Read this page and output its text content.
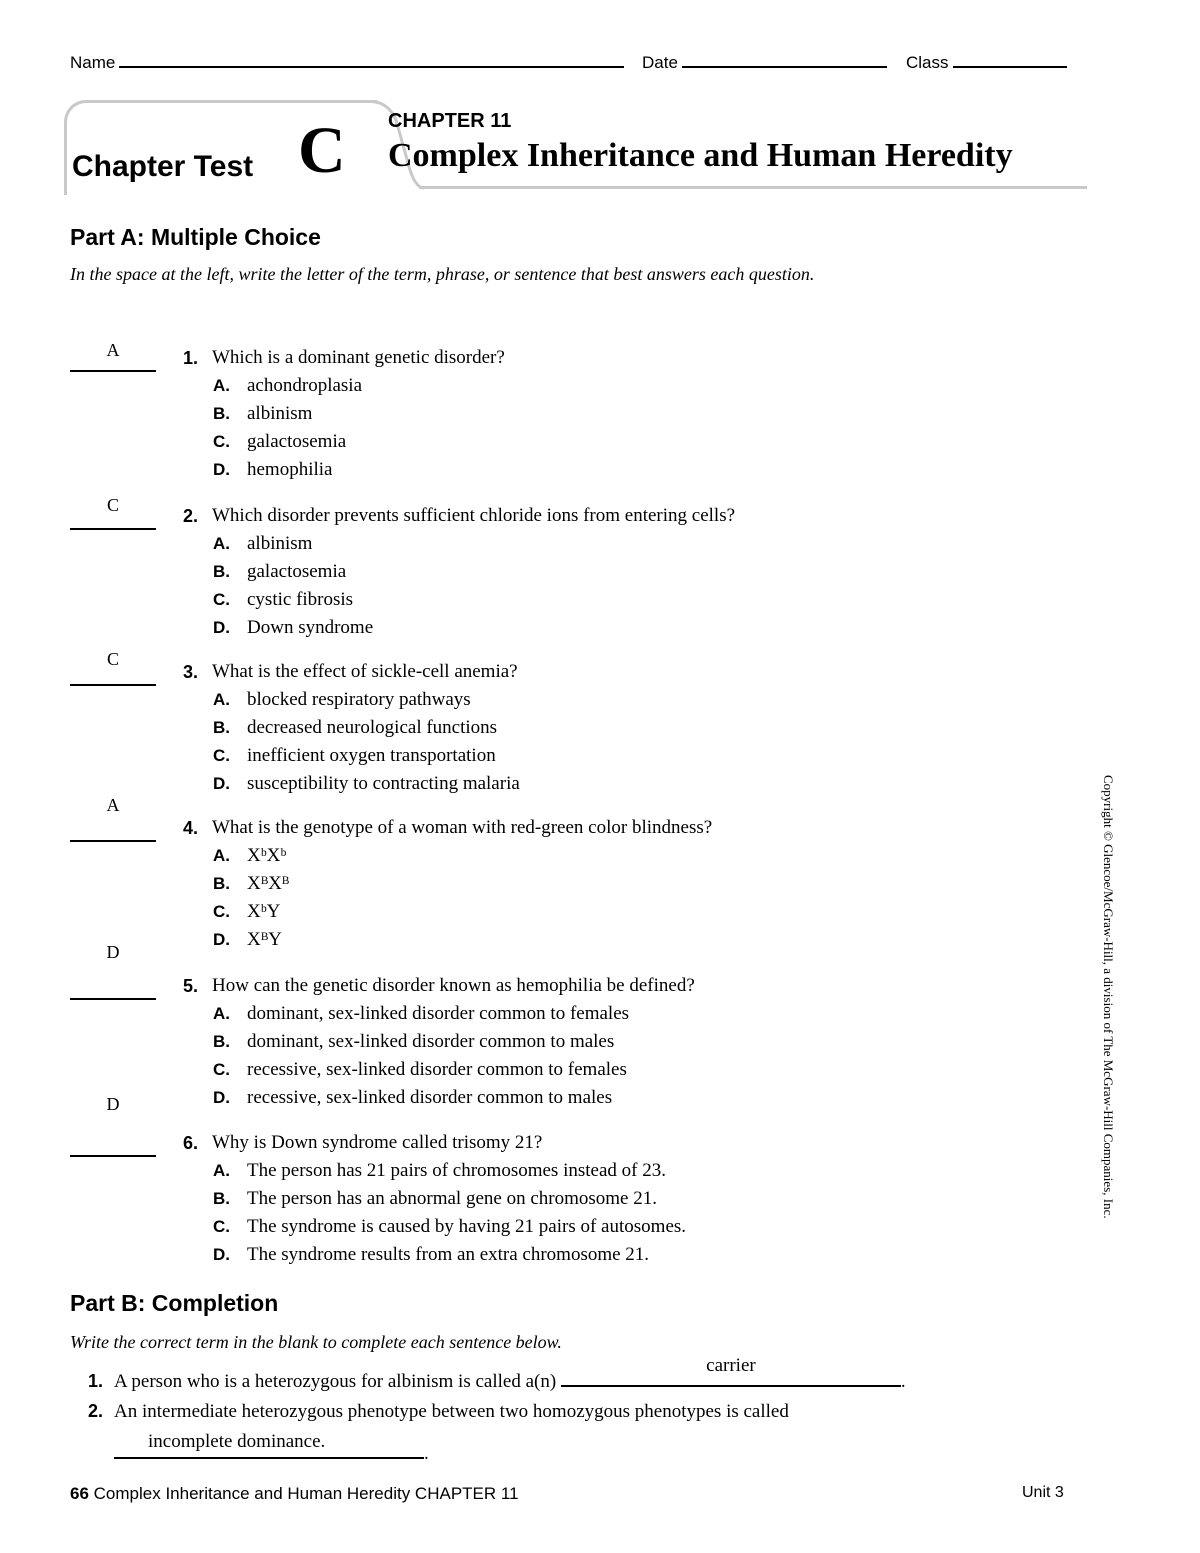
Name	Date	Class
Chapter Test C CHAPTER 11
Complex Inheritance and Human Heredity
Part A: Multiple Choice
In the space at the left, write the letter of the term, phrase, or sentence that best answers each question.
A	1. Which is a dominant genetic disorder?
A. achondroplasia
B. albinism
C. galactosemia
D. hemophilia
C
2. Which disorder prevents sufficient chloride ions from entering cells?
A. albinism
B. galactosemia
C. cystic fibrosis
D. Down syndrome
C
3. What is the effect of sickle-cell anemia?
A. blocked respiratory pathways
B. decreased neurological functions
C. inefficient oxygen transportation
D. susceptibility to contracting malaria
A
4. What is the genotype of a woman with red-green color blindness?
A. XᵇXᵇ
B. XᴮXᴮ
C. XᵇY
D. XᴮY
D
5. How can the genetic disorder known as hemophilia be defined?
A. dominant, sex-linked disorder common to females
B. dominant, sex-linked disorder common to males
C. recessive, sex-linked disorder common to females
D. recessive, sex-linked disorder common to males
D
6. Why is Down syndrome called trisomy 21?
A. The person has 21 pairs of chromosomes instead of 23.
B. The person has an abnormal gene on chromosome 21.
C. The syndrome is caused by having 21 pairs of autosomes.
D. The syndrome results from an extra chromosome 21.
Copyright © Glencoe/McGraw-Hill, a division of The McGraw-Hill Companies, Inc.
Part B: Completion
Write the correct term in the blank to complete each sentence below.
1. A person who is a heterozygous for albinism is called a(n)
carrier
.
2. An intermediate heterozygous phenotype between two homozygous phenotypes is called
incomplete dominance.
.
66 Complex Inheritance and Human Heredity CHAPTER 11	Unit 3
